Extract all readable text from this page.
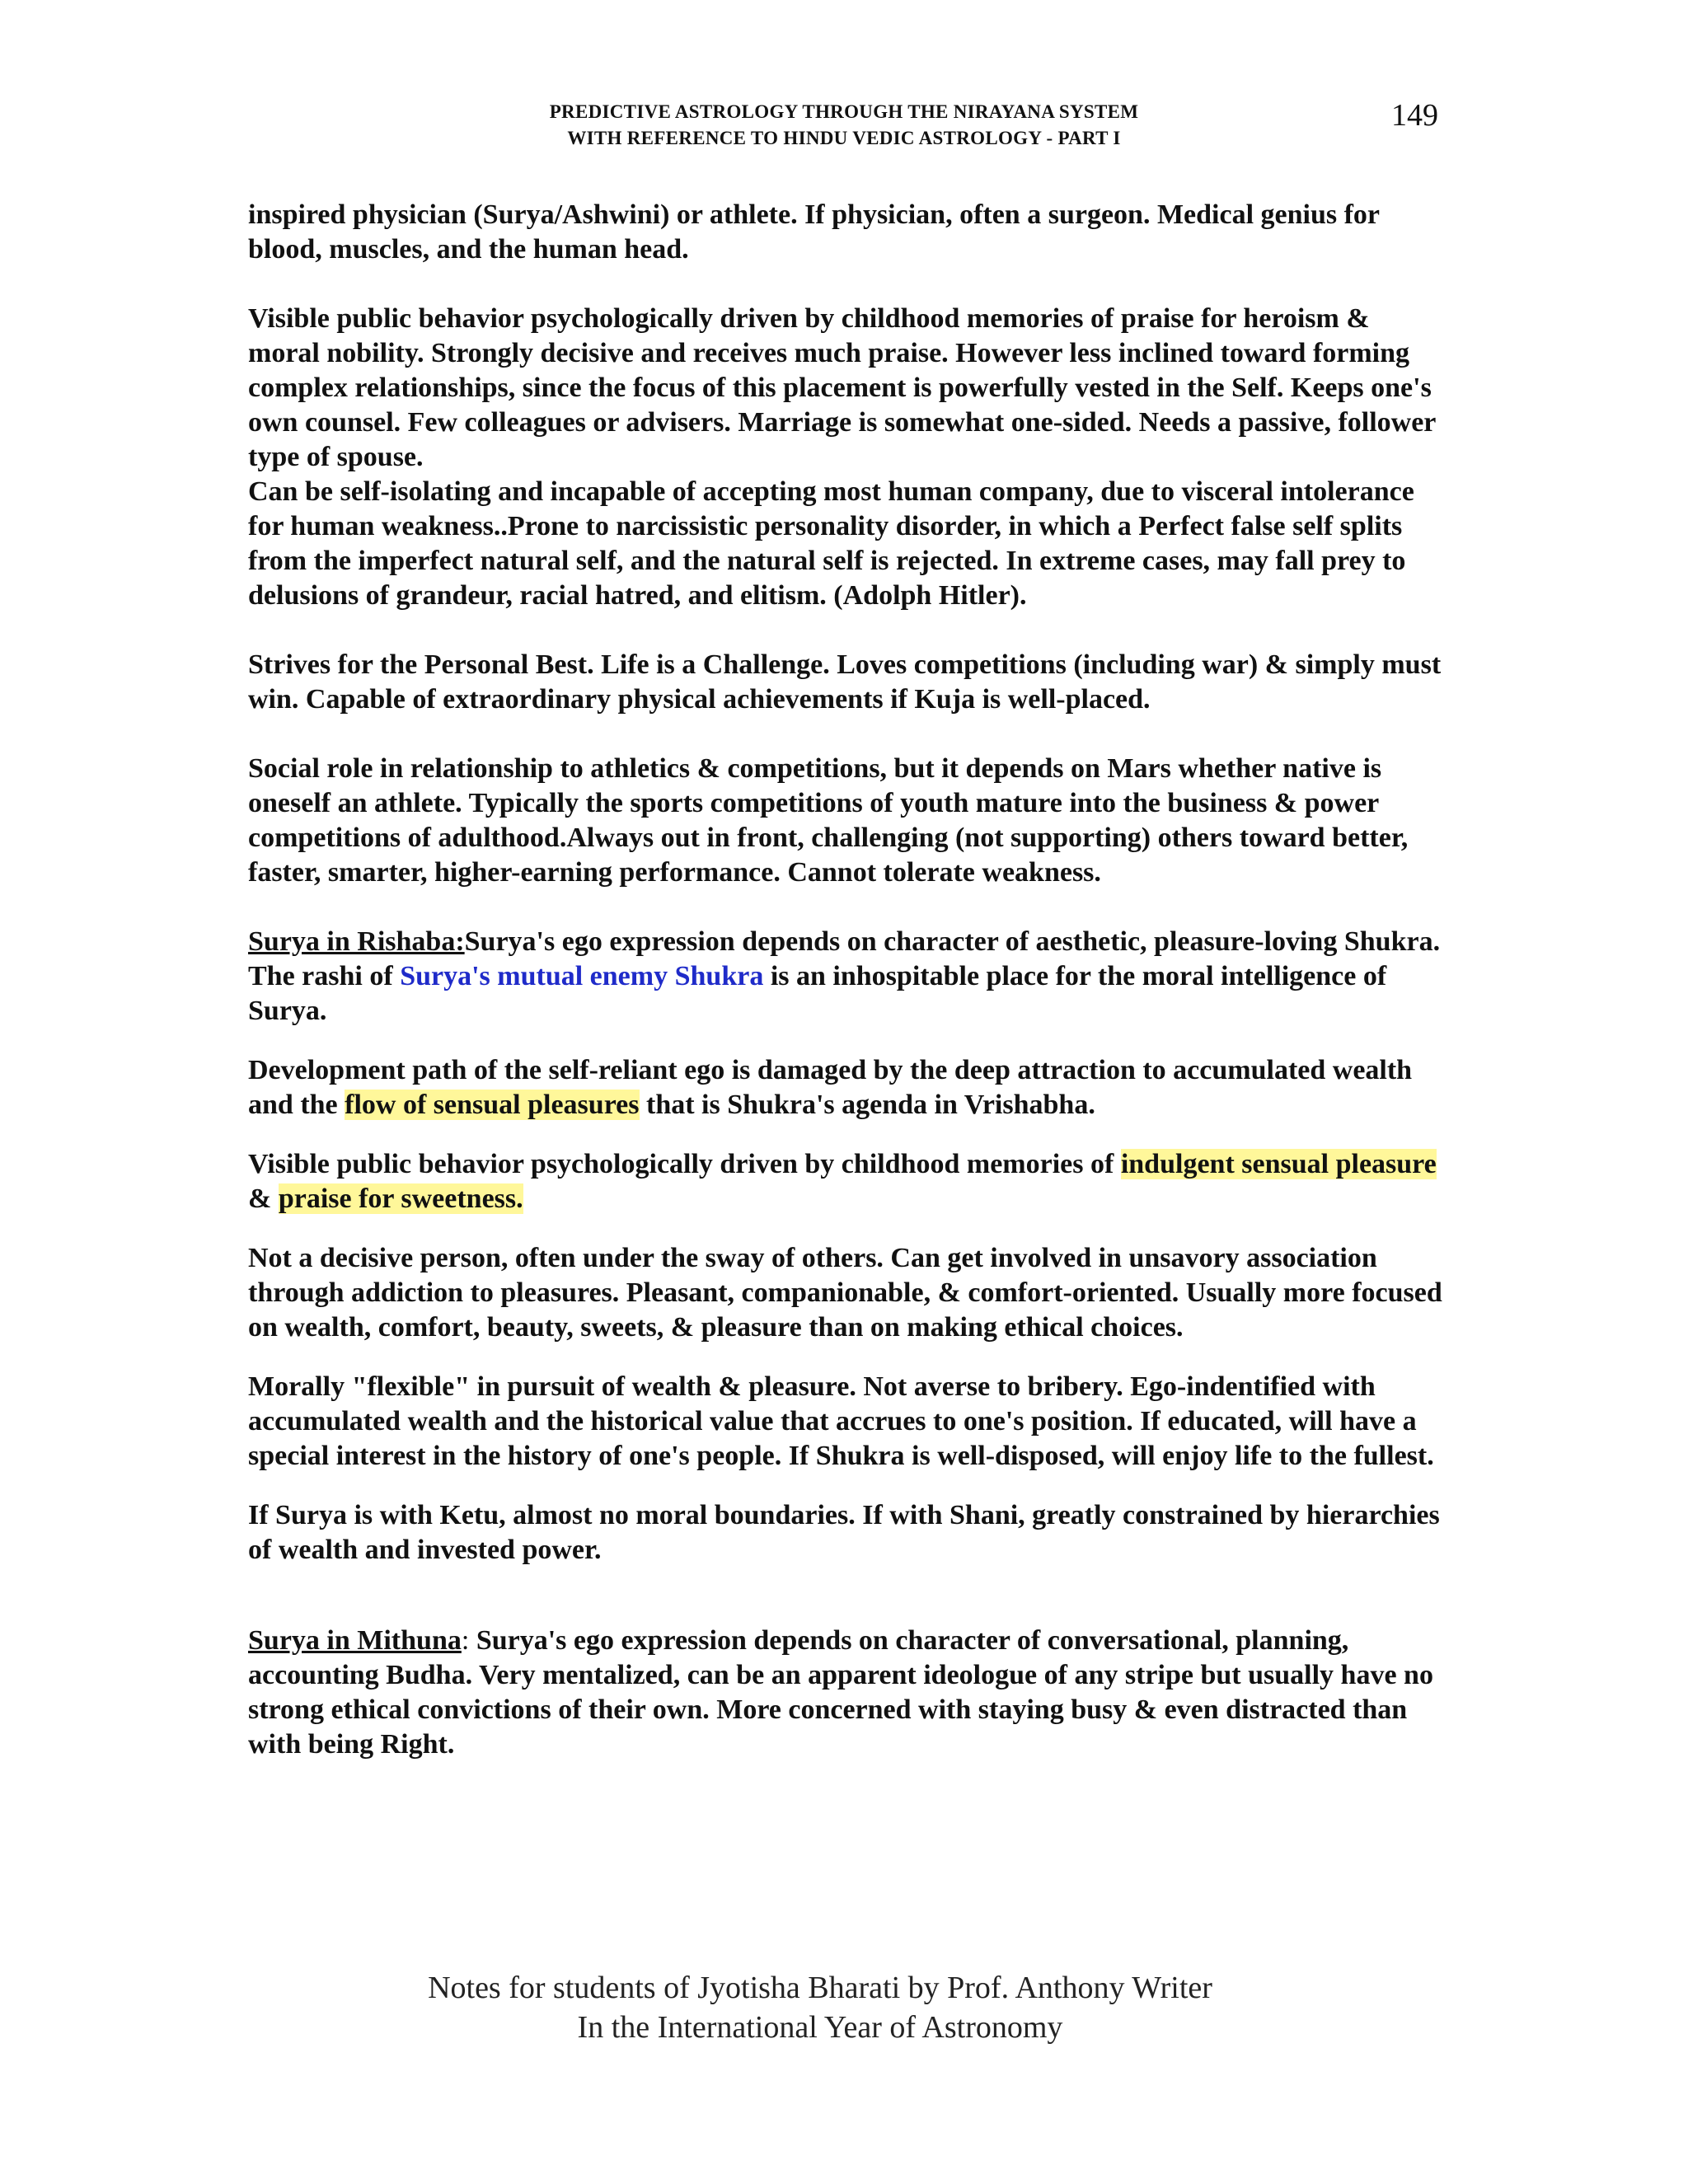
PREDICTIVE ASTROLOGY THROUGH THE NIRAYANA SYSTEM
WITH REFERENCE TO HINDU VEDIC ASTROLOGY - PART I
149

inspired physician (Surya/Ashwini) or athlete. If physician, often a surgeon. Medical genius for blood, muscles, and the human head.

Visible public behavior psychologically driven by childhood memories of praise for heroism & moral nobility. Strongly decisive and receives much praise. However less inclined toward forming complex relationships, since the focus of this placement is powerfully vested in the Self. Keeps one's own counsel. Few colleagues or advisers. Marriage is somewhat one-sided. Needs a passive, follower type of spouse.

Can be self-isolating and incapable of accepting most human company, due to visceral intolerance for human weakness..Prone to narcissistic personality disorder, in which a Perfect false self splits from the imperfect natural self, and the natural self is rejected. In extreme cases, may fall prey to delusions of grandeur, racial hatred, and elitism. (Adolph Hitler).

Strives for the Personal Best. Life is a Challenge. Loves competitions (including war) & simply must win. Capable of extraordinary physical achievements if Kuja is well-placed.

Social role in relationship to athletics & competitions, but it depends on Mars whether native is oneself an athlete. Typically the sports competitions of youth mature into the business & power competitions of adulthood.Always out in front, challenging (not supporting) others toward better, faster, smarter, higher-earning performance. Cannot tolerate weakness.

Surya in Rishaba:Surya's ego expression depends on character of aesthetic, pleasure-loving Shukra. The rashi of Surya's mutual enemy Shukra is an inhospitable place for the moral intelligence of Surya.

Development path of the self-reliant ego is damaged by the deep attraction to accumulated wealth and the flow of sensual pleasures that is Shukra's agenda in Vrishabha.

Visible public behavior psychologically driven by childhood memories of indulgent sensual pleasure & praise for sweetness.

Not a decisive person, often under the sway of others. Can get involved in unsavory association through addiction to pleasures. Pleasant, companionable, & comfort-oriented. Usually more focused on wealth, comfort, beauty, sweets, & pleasure than on making ethical choices.

Morally "flexible" in pursuit of wealth & pleasure. Not averse to bribery. Ego-indentified with accumulated wealth and the historical value that accrues to one's position. If educated, will have a special interest in the history of one's people. If Shukra is well-disposed, will enjoy life to the fullest.

If Surya is with Ketu, almost no moral boundaries. If with Shani, greatly constrained by hierarchies of wealth and invested power.

Surya in Mithuna: Surya's ego expression depends on character of conversational, planning, accounting Budha. Very mentalized, can be an apparent ideologue of any stripe but usually have no strong ethical convictions of their own. More concerned with staying busy & even distracted than with being Right.

Notes for students of Jyotisha Bharati by Prof. Anthony Writer
In the International Year of Astronomy
